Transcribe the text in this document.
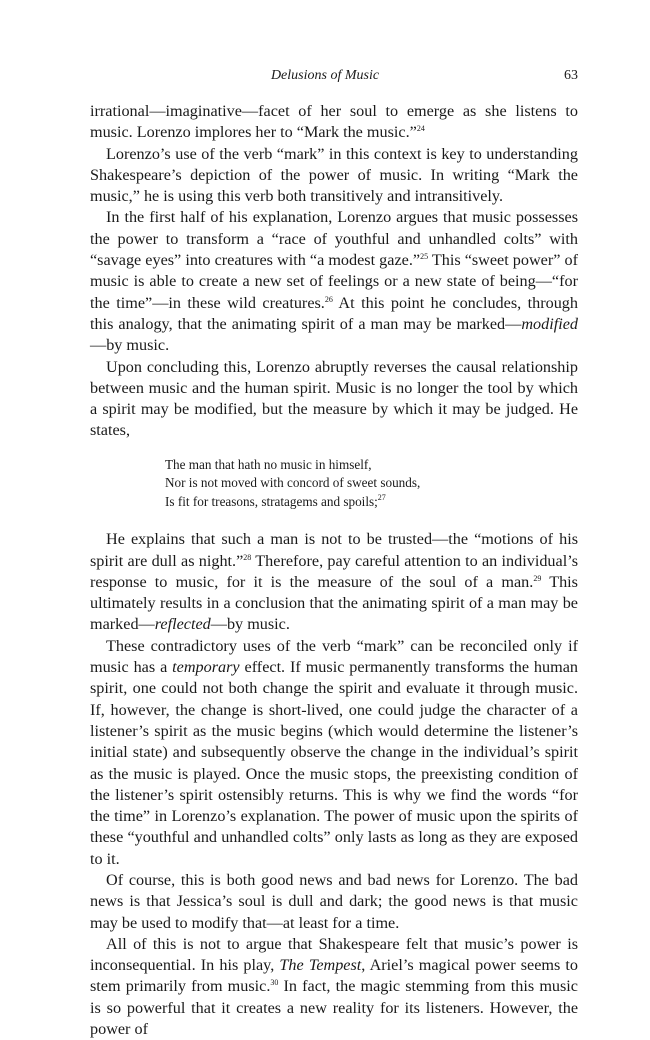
Delusions of Music	63

irrational—imaginative—facet of her soul to emerge as she listens to music. Lorenzo implores her to “Mark the music.”$^{24}$

Lorenzo’s use of the verb “mark” in this context is key to understanding Shakespeare’s depiction of the power of music. In writing “Mark the music,” he is using this verb both transitively and intransitively.

In the first half of his explanation, Lorenzo argues that music possesses the power to transform a “race of youthful and unhandled colts” with “savage eyes” into creatures with “a modest gaze.”$^{25}$ This “sweet power” of music is able to create a new set of feelings or a new state of being—“for the time”—in these wild creatures.$^{26}$ At this point he concludes, through this analogy, that the animating spirit of a man may be marked—modified—by music.

Upon concluding this, Lorenzo abruptly reverses the causal relationship between music and the human spirit. Music is no longer the tool by which a spirit may be modified, but the measure by which it may be judged. He states,

The man that hath no music in himself,
Nor is not moved with concord of sweet sounds,
Is fit for treasons, stratagems and spoils;$^{27}$

He explains that such a man is not to be trusted—the “motions of his spirit are dull as night.”$^{28}$ Therefore, pay careful attention to an individual’s response to music, for it is the measure of the soul of a man.$^{29}$ This ultimately results in a conclusion that the animating spirit of a man may be marked—reflected—by music.

These contradictory uses of the verb “mark” can be reconciled only if music has a temporary effect. If music permanently transforms the human spirit, one could not both change the spirit and evaluate it through music. If, however, the change is short-lived, one could judge the character of a listener’s spirit as the music begins (which would determine the listener’s initial state) and subsequently observe the change in the individual’s spirit as the music is played. Once the music stops, the preexisting condition of the listener’s spirit ostensibly returns. This is why we find the words “for the time” in Lorenzo’s explanation. The power of music upon the spirits of these “youthful and unhandled colts” only lasts as long as they are exposed to it.

Of course, this is both good news and bad news for Lorenzo. The bad news is that Jessica’s soul is dull and dark; the good news is that music may be used to modify that—at least for a time.

All of this is not to argue that Shakespeare felt that music’s power is inconsequential. In his play, The Tempest, Ariel’s magical power seems to stem primarily from music.$^{30}$ In fact, the magic stemming from this music is so powerful that it creates a new reality for its listeners. However, the power of
